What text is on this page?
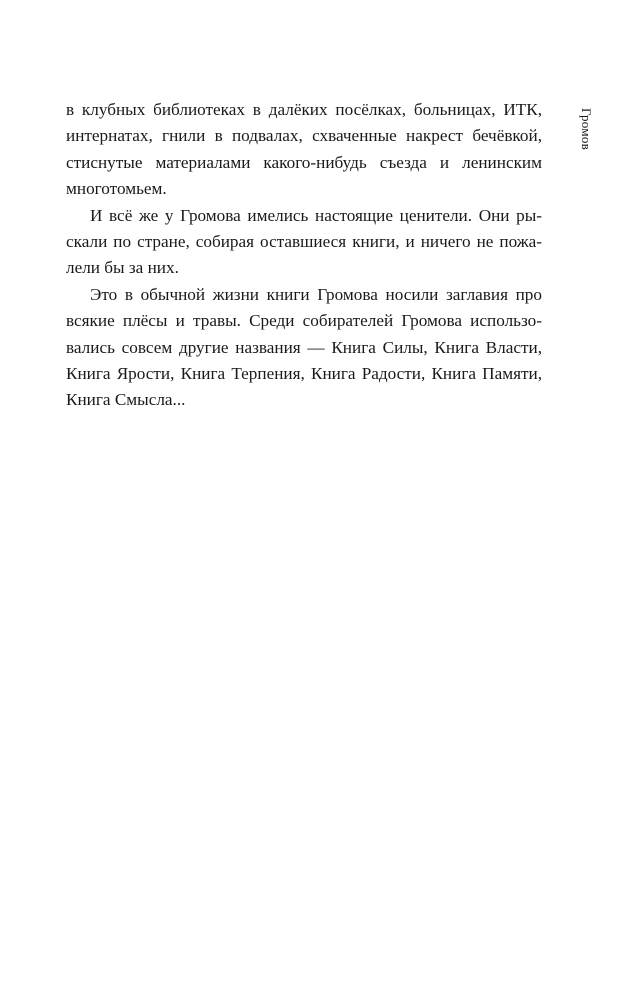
Громов
в клубных библиотеках в далёких посёлках, больницах, ИТК,
интернатах, гнили в подвалах, схваченные накрест бечёвкой,
стиснутые материалами какого-нибудь съезда и ленинским
многотомьем.
И всё же у Громова имелись настоящие ценители. Они ры-
скали по стране, собирая оставшиеся книги, и ничего не пожа-
лели бы за них.
Это в обычной жизни книги Громова носили заглавия про
всякие плёсы и травы. Среди собирателей Громова использо-
вались совсем другие названия — Книга Силы, Книга Власти,
Книга Ярости, Книга Терпения, Книга Радости, Книга Памяти,
Книга Смысла...
